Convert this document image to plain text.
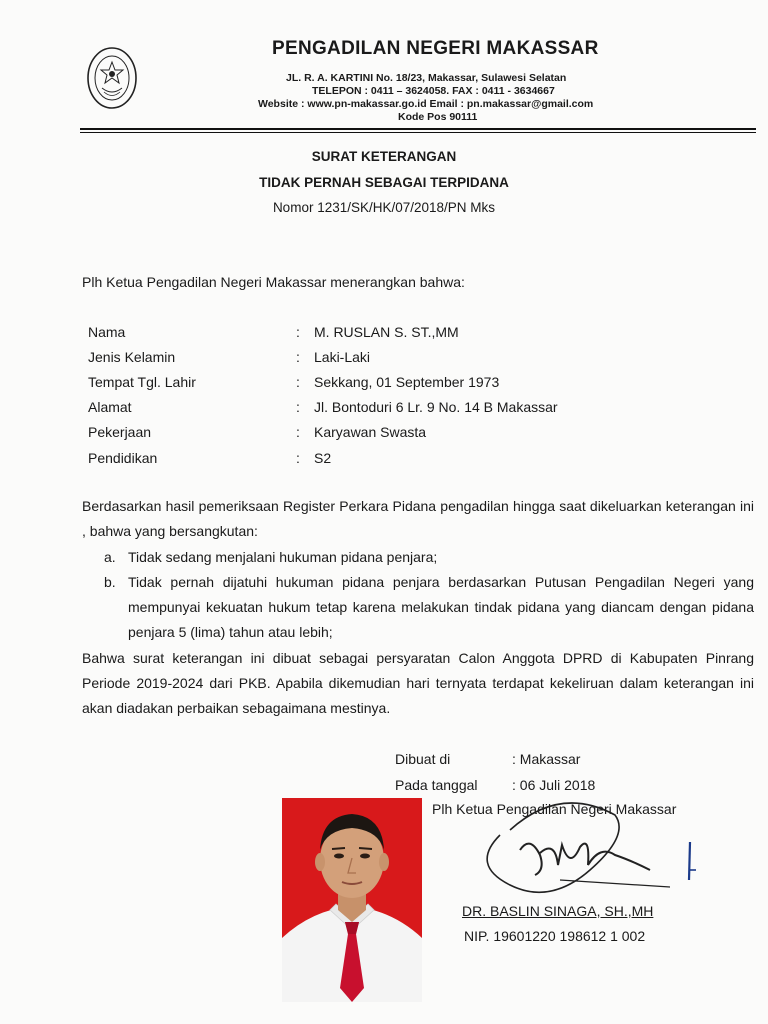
PENGADILAN NEGERI MAKASSAR
JL. R. A. KARTINI No. 18/23, Makassar, Sulawesi Selatan
TELEPON : 0411 – 3624058. FAX : 0411 - 3634667
Website : www.pn-makassar.go.id Email : pn.makassar@gmail.com
Kode Pos 90111
SURAT KETERANGAN
TIDAK PERNAH SEBAGAI TERPIDANA
Nomor 1231/SK/HK/07/2018/PN Mks
Plh Ketua Pengadilan Negeri Makassar menerangkan bahwa:
Nama	: M. RUSLAN S. ST.,MM
Jenis Kelamin	: Laki-Laki
Tempat Tgl. Lahir	: Sekkang, 01 September 1973
Alamat	: Jl. Bontoduri 6 Lr. 9 No. 14 B Makassar
Pekerjaan	: Karyawan Swasta
Pendidikan	: S2
Berdasarkan hasil pemeriksaan Register Perkara Pidana pengadilan hingga saat dikeluarkan keterangan ini , bahwa yang bersangkutan:
a. Tidak sedang menjalani hukuman pidana penjara;
b. Tidak pernah dijatuhi hukuman pidana penjara berdasarkan Putusan Pengadilan Negeri yang mempunyai kekuatan hukum tetap karena melakukan tindak pidana yang diancam dengan pidana penjara 5 (lima) tahun atau lebih;
Bahwa surat keterangan ini dibuat sebagai persyaratan Calon Anggota DPRD di Kabupaten Pinrang Periode 2019-2024 dari PKB. Apabila dikemudian hari ternyata terdapat kekeliruan dalam keterangan ini akan diadakan perbaikan sebagaimana mestinya.
Dibuat di	: Makassar
Pada tanggal : 06 Juli 2018
Plh Ketua Pengadilan Negeri Makassar
DR. BASLIN SINAGA, SH.,MH
NIP. 19601220 198612 1 002
